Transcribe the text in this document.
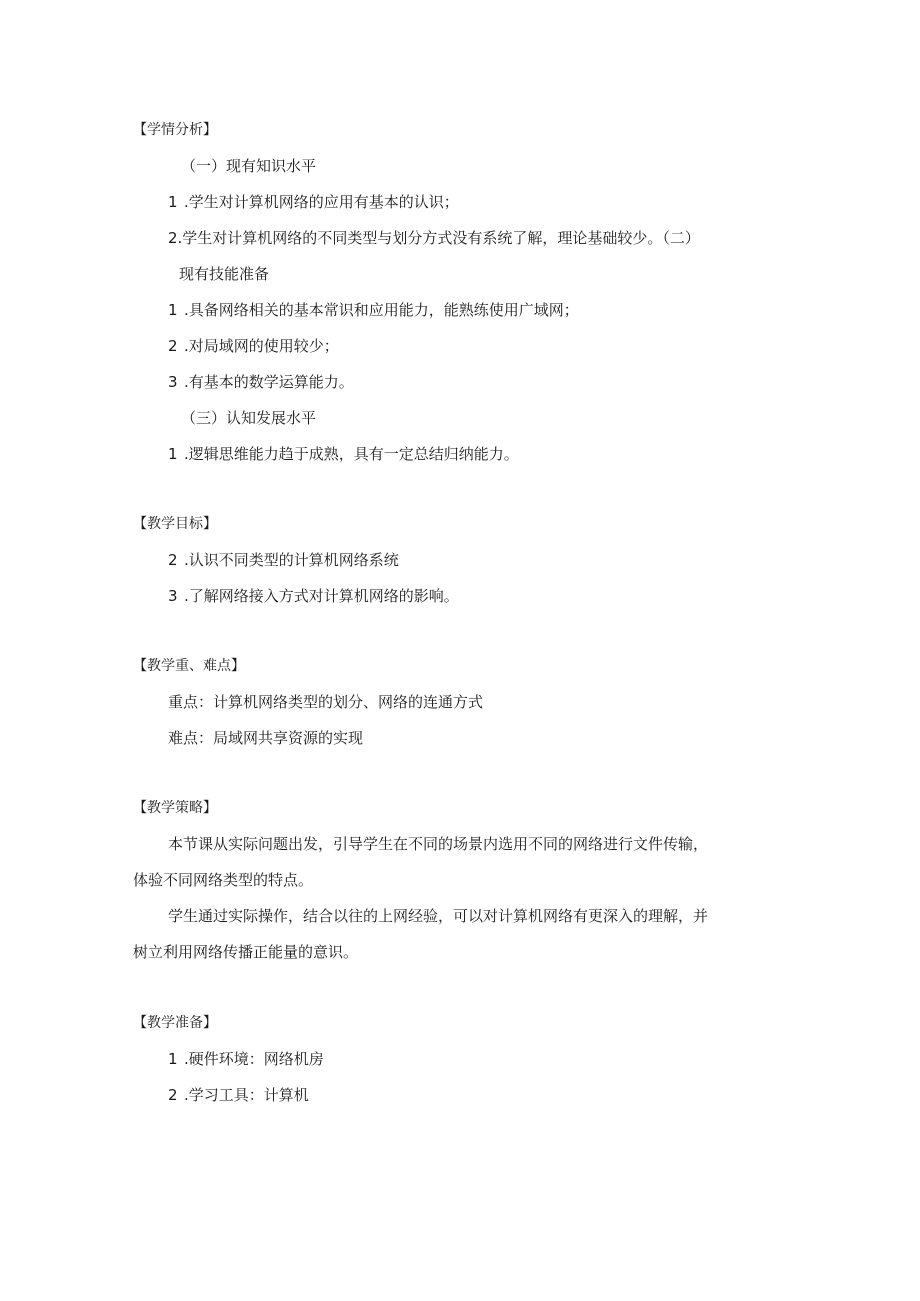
【学情分析】
（一）现有知识水平
1 .学生对计算机网络的应用有基本的认识；
2.学生对计算机网络的不同类型与划分方式没有系统了解，理论基础较少。（二）
现有技能准备
1 .具备网络相关的基本常识和应用能力，能熟练使用广域网；
2 .对局域网的使用较少；
3 .有基本的数学运算能力。
（三）认知发展水平
1 .逻辑思维能力趋于成熟，具有一定总结归纳能力。
【教学目标】
2 .认识不同类型的计算机网络系统
3 .了解网络接入方式对计算机网络的影响。
【教学重、难点】
重点：计算机网络类型的划分、网络的连通方式
难点：局域网共享资源的实现
【教学策略】
本节课从实际问题出发，引导学生在不同的场景内选用不同的网络进行文件传输，
体验不同网络类型的特点。
学生通过实际操作，结合以往的上网经验，可以对计算机网络有更深入的理解，并
树立利用网络传播正能量的意识。
【教学准备】
1 .硬件环境：网络机房
2 .学习工具：计算机
